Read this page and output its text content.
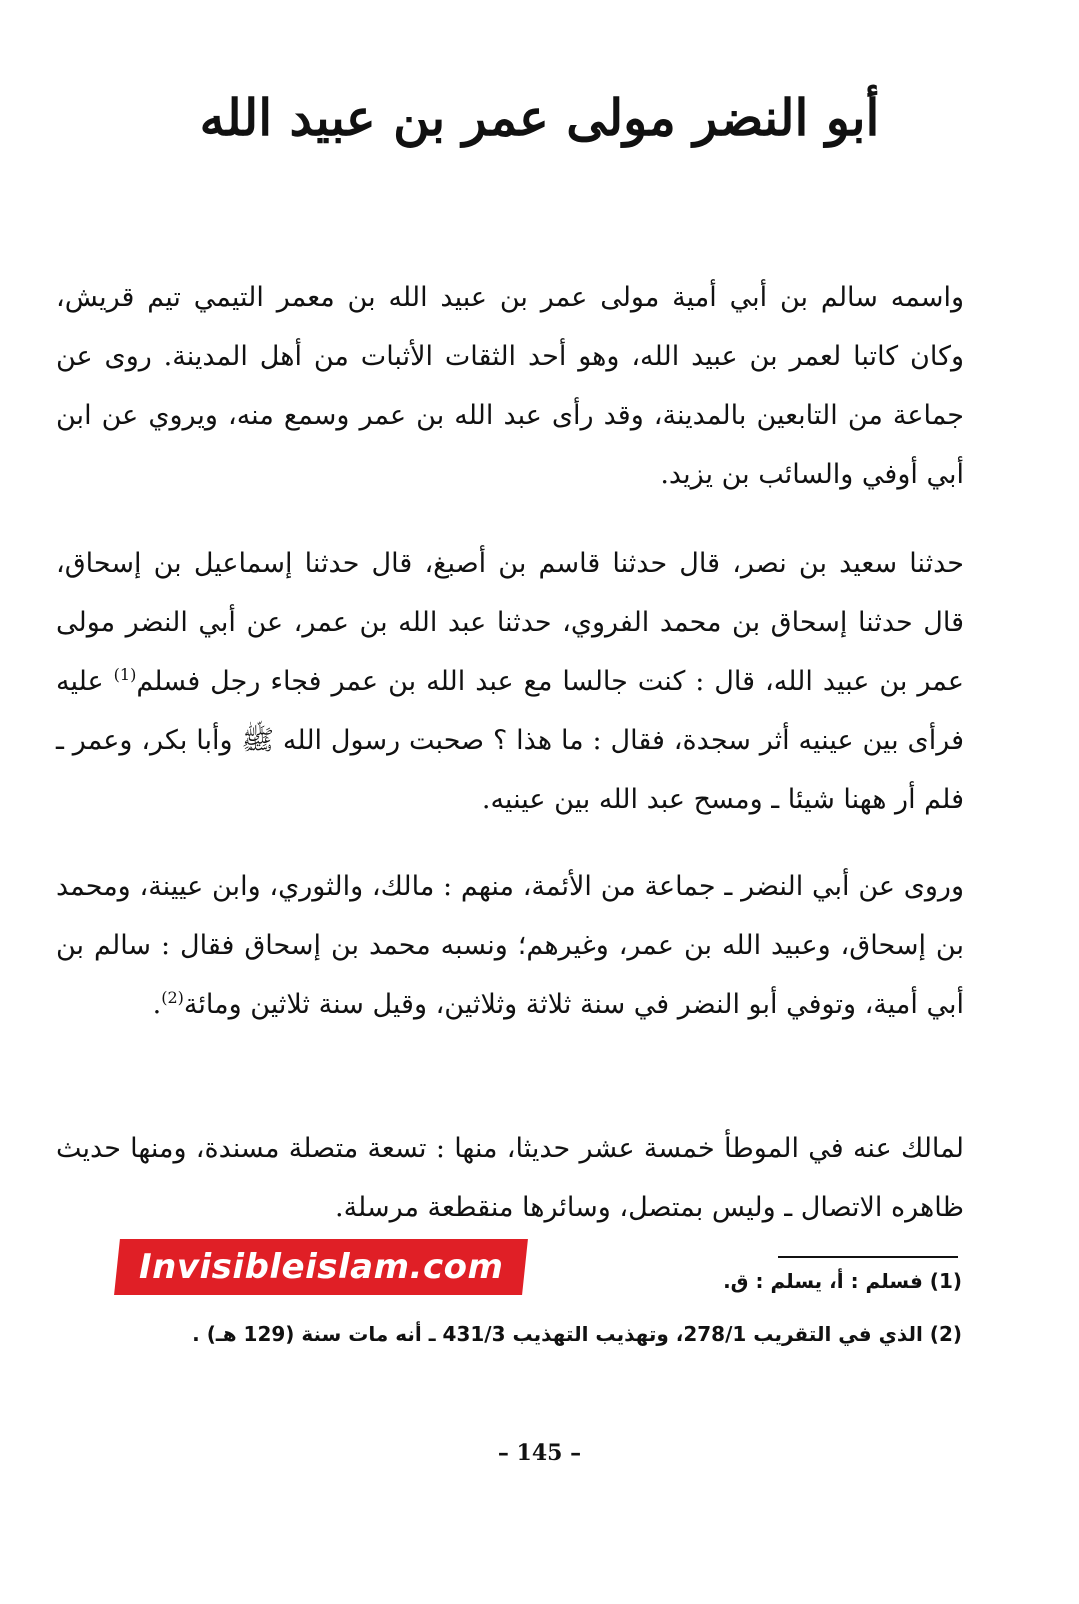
أبو النضر مولى عمر بن عبيد الله

واسمه سالم بن أبي أمية مولى عمر بن عبيد الله بن معمر التيمي تيم قريش، وكان كاتبا لعمر بن عبيد الله، وهو أحد الثقات الأثبات من أهل المدينة. روى عن جماعة من التابعين بالمدينة، وقد رأى عبد الله بن عمر وسمع منه، ويروي عن ابن أبي أوفي والسائب بن يزيد.

حدثنا سعيد بن نصر، قال حدثنا قاسم بن أصبغ، قال حدثنا إسماعيل بن إسحاق، قال حدثنا إسحاق بن محمد الفروي، حدثنا عبد الله بن عمر، عن أبي النضر مولى عمر بن عبيد الله، قال : كنت جالسا مع عبد الله بن عمر فجاء رجل فسلم$^{(1)}$ عليه فرأى بين عينيه أثر سجدة، فقال : ما هذا ؟ صحبت رسول الله ﷺ وأبا بكر، وعمر ـ فلم أر ههنا شيئا ـ ومسح عبد الله بين عينيه.

وروى عن أبي النضر ـ جماعة من الأئمة، منهم : مالك، والثوري، وابن عيينة، ومحمد بن إسحاق، وعبيد الله بن عمر، وغيرهم؛ ونسبه محمد بن إسحاق فقال : سالم بن أبي أمية، وتوفي أبو النضر في سنة ثلاثة وثلاثين، وقيل سنة ثلاثين ومائة$^{(2)}$.

لمالك عنه في الموطأ خمسة عشر حديثا، منها : تسعة متصلة مسندة، ومنها حديث ظاهره الاتصال ـ وليس بمتصل، وسائرها منقطعة مرسلة.

Invisibleislam.com	(1) فسلم : أ، يسلم : ق.

(2) الذي في التقريب 278/1، وتهذيب التهذيب 431/3 ـ أنه مات سنة (129 هـ) .

– 145 –
